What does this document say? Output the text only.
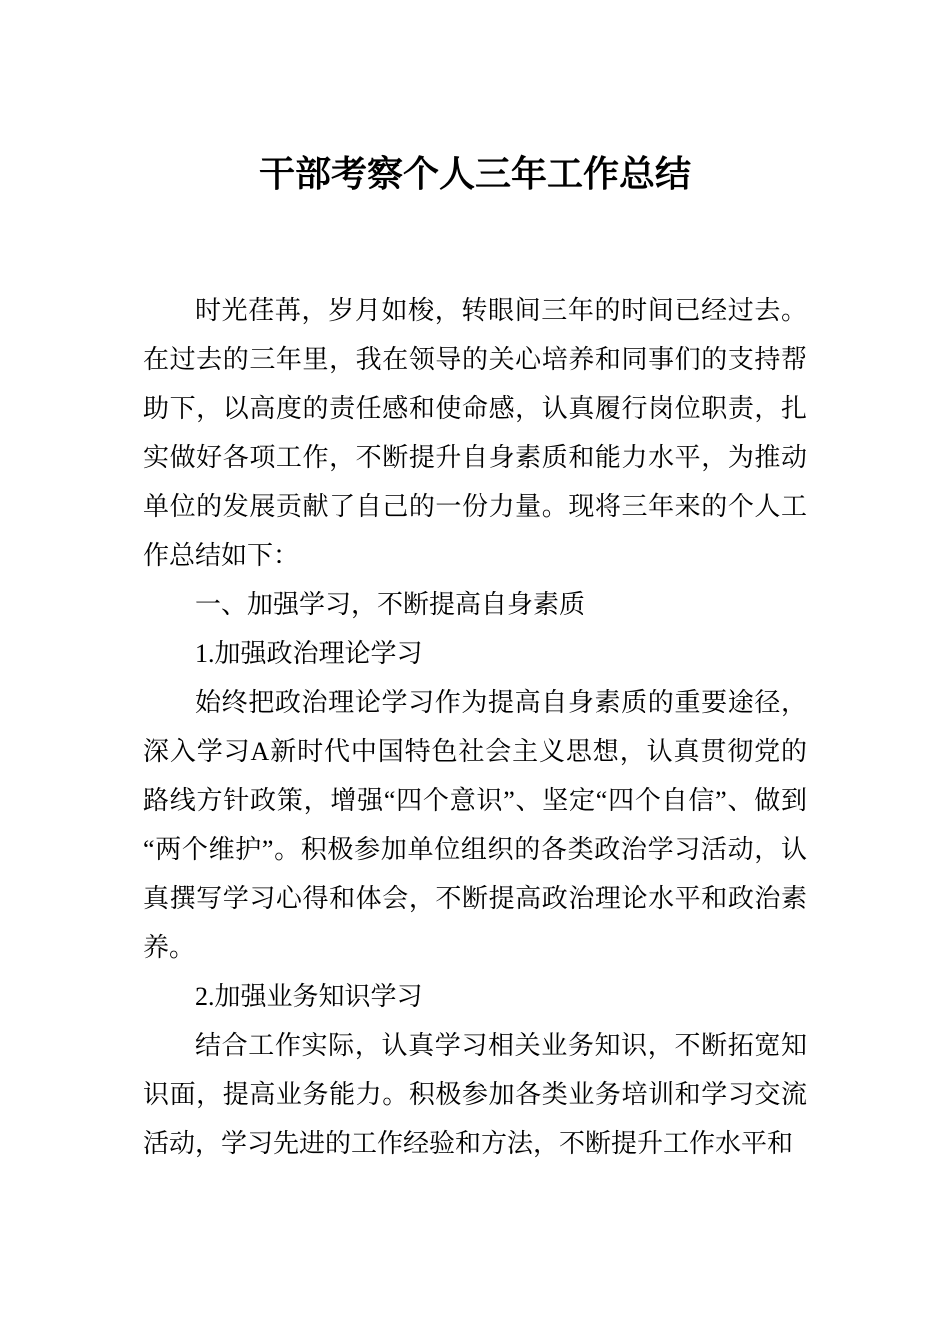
干部考察个人三年工作总结

时光荏苒，岁月如梭，转眼间三年的时间已经过去。在过去的三年里，我在领导的关心培养和同事们的支持帮助下，以高度的责任感和使命感，认真履行岗位职责，扎实做好各项工作，不断提升自身素质和能力水平，为推动单位的发展贡献了自己的一份力量。现将三年来的个人工作总结如下：

一、加强学习，不断提高自身素质

1.加强政治理论学习

始终把政治理论学习作为提高自身素质的重要途径，深入学习A新时代中国特色社会主义思想，认真贯彻党的路线方针政策，增强“四个意识”、坚定“四个自信”、做到“两个维护”。积极参加单位组织的各类政治学习活动，认真撰写学习心得和体会，不断提高政治理论水平和政治素养。

2.加强业务知识学习

结合工作实际，认真学习相关业务知识，不断拓宽知识面，提高业务能力。积极参加各类业务培训和学习交流活动，学习先进的工作经验和方法，不断提升工作水平和
